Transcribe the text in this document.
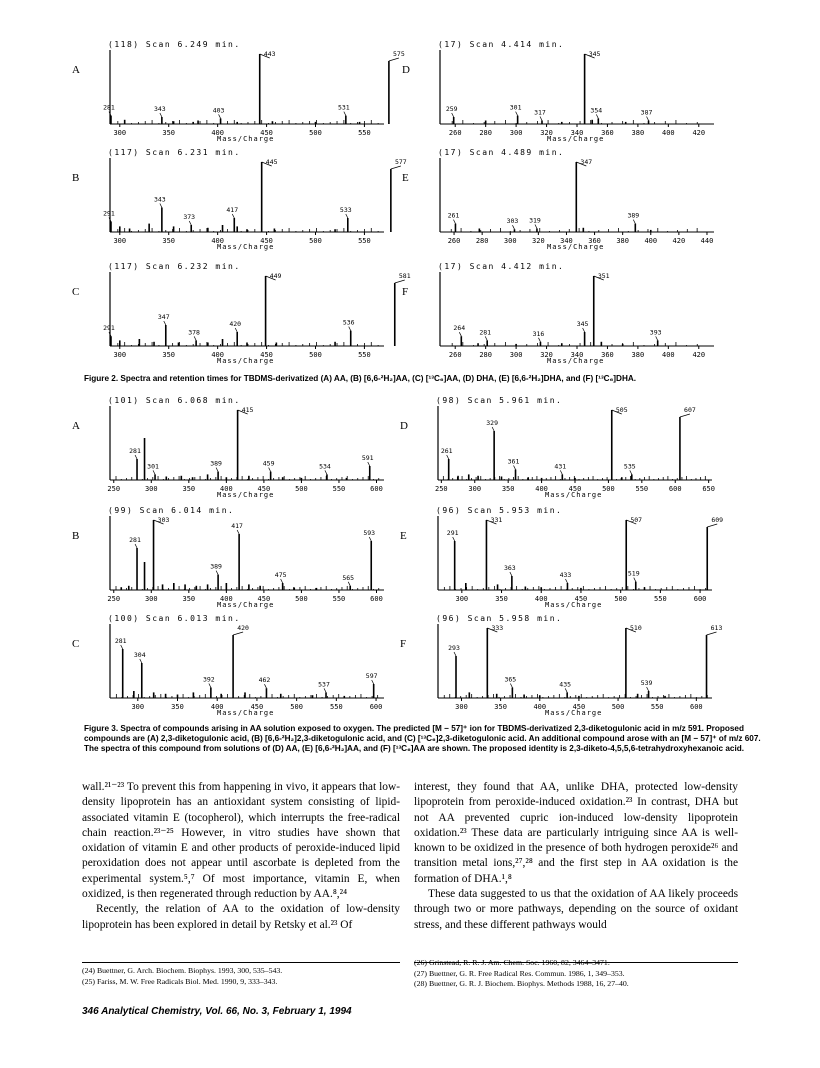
300	350	400	450	500	550
281	343	403
443
531
575
(118) Scan 6.249 min.
A
Mass/Charge
260	280	300	320	340	360	380	400	420
259	301
317
345
354	387
(17) Scan 4.414 min.
D
Mass/Charge
300	350	400	450	500	550
291
343
373
417
445
533
577
(117) Scan 6.231 min.
B
Mass/Charge
260 280 300 320 340 360 380 400 420 440
261
303 319
347
389
(17) Scan 4.489 min.
E
Mass/Charge
300	350	400	450	500	550
291
347
378
420
449
536
581
(117) Scan 6.232 min.
C
Mass/Charge
260	280	300	320	340	360	380	400	420
264
281	316
345
351
393
(17) Scan 4.412 min.
F
Mass/Charge
Figure 2. Spectra and retention times for TBDMS-derivatized (A) AA, (B) [6,6-²H₂]AA, (C) [¹³C₆]AA, (D) DHA, (E) [6,6-²H₂]DHA, and (F) [¹³C₆]DHA.
250	300	350	400	450	500	550	600
281
301	389
415
459	534
591
(101) Scan 6.068 min.
A
Mass/Charge
250	300	350	400	450	500	550	600	650
261
329
361
431
505
535
607
(98) Scan 5.961 min.
D
Mass/Charge
250	300	350	400	450	500	550	600
281
303
389
417
475	565
593
(99) Scan 6.014 min.
B
Mass/Charge
300	350	400	450	500	550	600
291
331
363
433
507
519
609
(96) Scan 5.953 min.
E
Mass/Charge
300	350	400	450	500	550	600
281
304
392
420
462
537
597
(100) Scan 6.013 min.
C
Mass/Charge
300	350	400	450	500	550	600
293
333
365
435
510
539
613
(96) Scan 5.958 min.
F
Mass/Charge
Figure 3. Spectra of compounds arising in AA solution exposed to oxygen. The predicted [M − 57]⁺ ion for TBDMS-derivatized 2,3-diketogulonic acid in m/z 591. Proposed compounds are (A) 2,3-diketogulonic acid, (B) [6,6-²H₂]2,3-diketogulonic acid, and (C) [¹³C₆]2,3-diketogulonic acid. An additional compound arose with an [M − 57]⁺ of m/z 607. The spectra of this compound from solutions of (D) AA, (E) [6,6-²H₂]AA, and (F) [¹³C₆]AA are shown. The proposed identity is 2,3-diketo-4,5,5,6-tetrahydroxyhexanoic acid.

wall.²¹⁻²³ To prevent this from happening in vivo, it appears that low-density lipoprotein has an antioxidant system consisting of lipid-associated vitamin E (tocopherol), which interrupts the free-radical chain reaction.²³⁻²⁵ However, in vitro studies have shown that oxidation of vitamin E and other products of peroxide-induced lipid peroxidation does not appear until ascorbate is depleted from the experimental system.⁵,⁷ Of most importance, vitamin E, when oxidized, is then regenerated through reduction by AA.⁸,²⁴

Recently, the relation of AA to the oxidation of low-density lipoprotein has been explored in detail by Retsky et al.²³ Of

interest, they found that AA, unlike DHA, protected low-density lipoprotein from peroxide-induced oxidation.²³ In contrast, DHA but not AA prevented cupric ion-induced low-density lipoprotein oxidation.²³ These data are particularly intriguing since AA is well-known to be oxidized in the presence of both hydrogen peroxide²⁶ and transition metal ions,²⁷,²⁸ and the first step in AA oxidation is the formation of DHA.¹,⁸

These data suggested to us that the oxidation of AA likely proceeds through two or more pathways, depending on the source of oxidant stress, and these different pathways would

(24) Buettner, G. Arch. Biochem. Biophys. 1993, 300, 535–543.
(25) Fariss, M. W. Free Radicals Biol. Med. 1990, 9, 333–343.
(26) Grinstead, R. R. J. Am. Chem. Soc. 1960, 82, 3464–3471.
(27) Buettner, G. R. Free Radical Res. Commun. 1986, 1, 349–353.
(28) Buettner, G. R. J. Biochem. Biophys. Methods 1988, 16, 27–40.
346 Analytical Chemistry, Vol. 66, No. 3, February 1, 1994
